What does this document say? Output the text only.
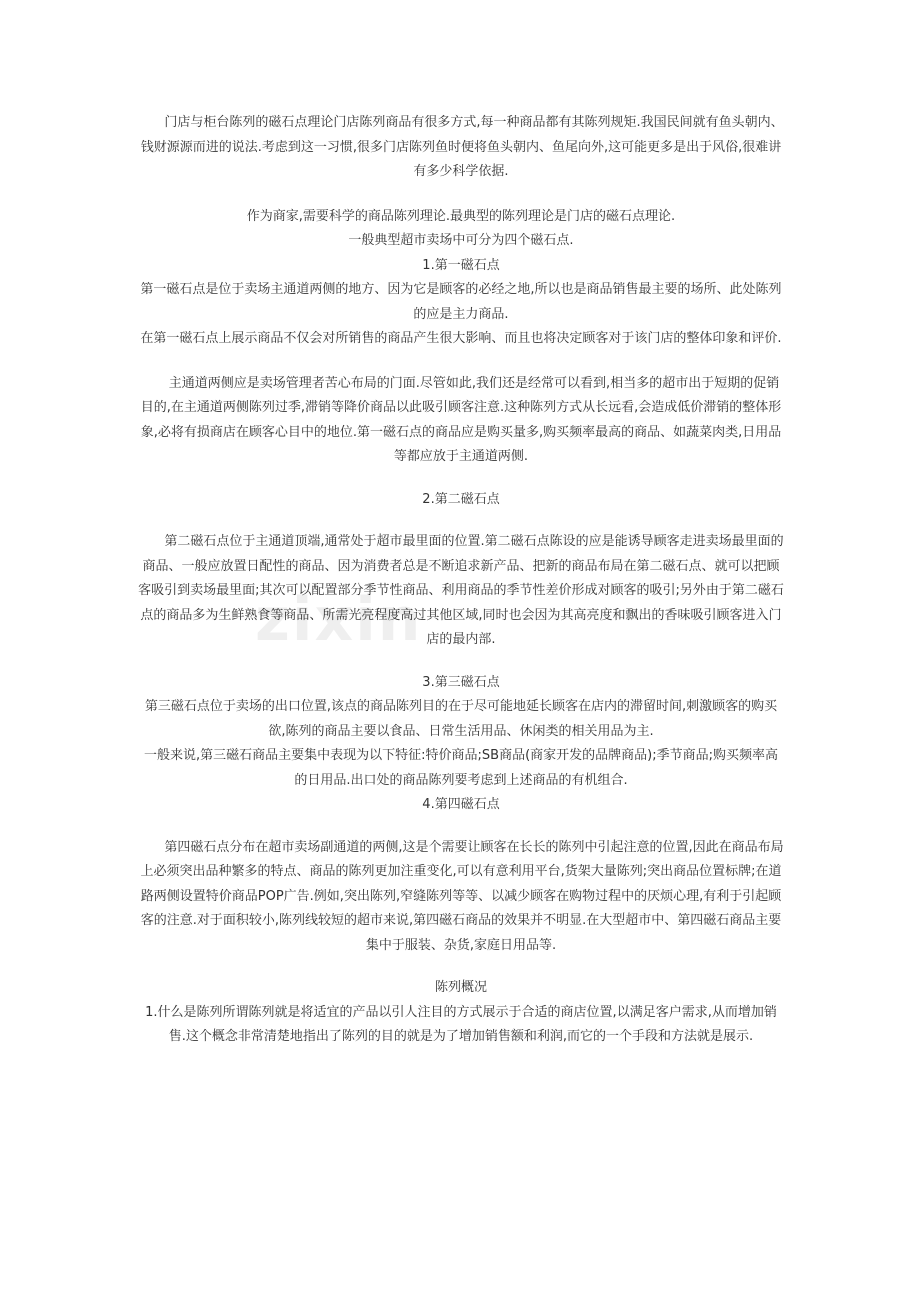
门店与柜台陈列的磁石点理论门店陈列商品有很多方式,每一种商品都有其陈列规矩.我国民间就有鱼头朝内、钱财源源而进的说法.考虑到这一习惯,很多门店陈列鱼时便将鱼头朝内、鱼尾向外,这可能更多是出于风俗,很难讲有多少科学依据.

作为商家,需要科学的商品陈列理论.最典型的陈列理论是门店的磁石点理论.

一般典型超市卖场中可分为四个磁石点.

1.第一磁石点

第一磁石点是位于卖场主通道两侧的地方、因为它是顾客的必经之地,所以也是商品销售最主要的场所、此处陈列的应是主力商品.

在第一磁石点上展示商品不仅会对所销售的商品产生很大影响、而且也将决定顾客对于该门店的整体印象和评价.

主通道两侧应是卖场管理者苦心布局的门面.尽管如此,我们还是经常可以看到,相当多的超市出于短期的促销目的,在主通道两侧陈列过季,滞销等降价商品以此吸引顾客注意.这种陈列方式从长远看,会造成低价滞销的整体形象,必将有损商店在顾客心目中的地位.第一磁石点的商品应是购买量多,购买频率最高的商品、如蔬菜肉类,日用品等都应放于主通道两侧.

2.第二磁石点

第二磁石点位于主通道顶端,通常处于超市最里面的位置.第二磁石点陈设的应是能诱导顾客走进卖场最里面的商品、一般应放置日配性的商品、因为消费者总是不断追求新产品、把新的商品布局在第二磁石点、就可以把顾客吸引到卖场最里面;其次可以配置部分季节性商品、利用商品的季节性差价形成对顾客的吸引;另外由于第二磁石点的商品多为生鲜熟食等商品、所需光亮程度高过其他区域,同时也会因为其高亮度和飘出的香味吸引顾客进入门店的最内部.

3.第三磁石点

第三磁石点位于卖场的出口位置,该点的商品陈列目的在于尽可能地延长顾客在店内的滞留时间,刺激顾客的购买欲,陈列的商品主要以食品、日常生活用品、休闲类的相关用品为主.

一般来说,第三磁石商品主要集中表现为以下特征:特价商品;SB商品(商家开发的品牌商品);季节商品;购买频率高的日用品.出口处的商品陈列要考虑到上述商品的有机组合.

4.第四磁石点

第四磁石点分布在超市卖场副通道的两侧,这是个需要让顾客在长长的陈列中引起注意的位置,因此在商品布局上必须突出品种繁多的特点、商品的陈列更加注重变化,可以有意利用平台,货架大量陈列;突出商品位置标牌;在道路两侧设置特价商品POP广告.例如,突出陈列,窄缝陈列等等、以减少顾客在购物过程中的厌烦心理,有利于引起顾客的注意.对于面积较小,陈列线较短的超市来说,第四磁石商品的效果并不明显.在大型超市中、第四磁石商品主要集中于服装、杂货,家庭日用品等.

陈列概况

1.什么是陈列所谓陈列就是将适宜的产品以引人注目的方式展示于合适的商店位置,以满足客户需求,从而增加销售.这个概念非常清楚地指出了陈列的目的就是为了增加销售额和利润,而它的一个手段和方法就是展示.

zixin
